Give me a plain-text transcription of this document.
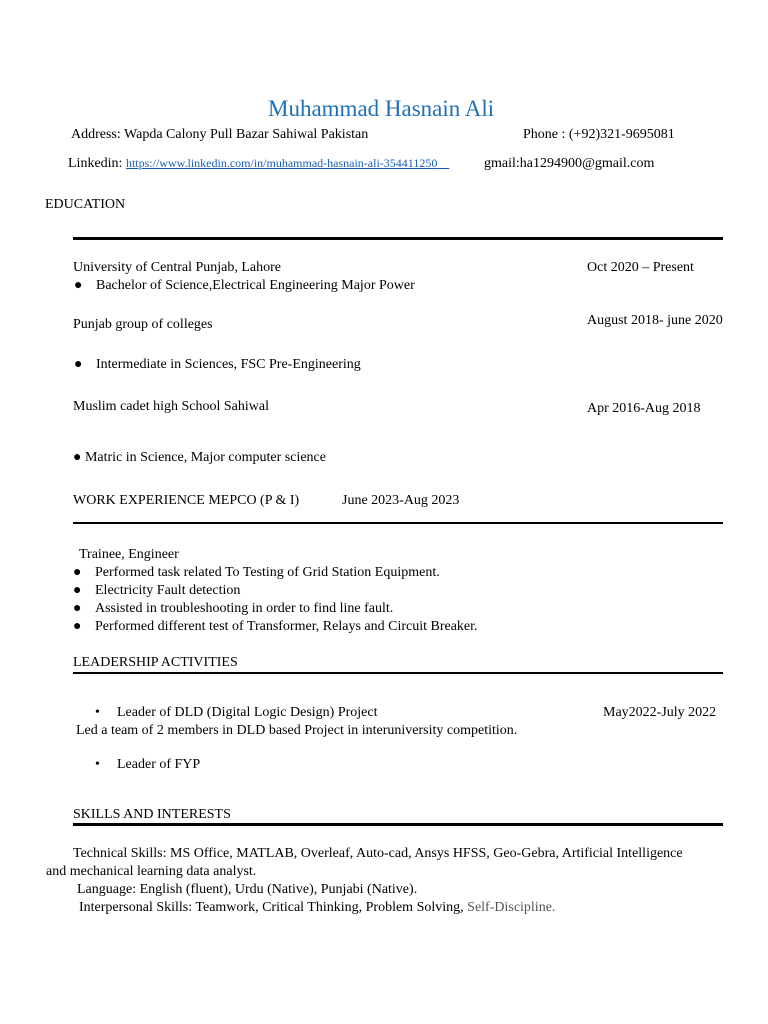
Muhammad Hasnain Ali
Address: Wapda Calony Pull Bazar Sahiwal Pakistan	Phone : (+92)321-9695081
Linkedin: https://www.linkedin.com/in/muhammad-hasnain-ali-354411250	gmail:ha1294900@gmail.com
EDUCATION
University of Central Punjab, Lahore	Oct 2020 – Present
● Bachelor of Science,Electrical Engineering Major Power
Punjab group of colleges	August 2018- june 2020
● Intermediate in Sciences, FSC Pre-Engineering
Muslim cadet high School Sahiwal	Apr 2016-Aug 2018
● Matric in Science, Major computer science
WORK EXPERIENCE MEPCO (P & I)	June 2023-Aug 2023
Trainee, Engineer
● Performed task related To Testing of Grid Station Equipment.
● Electricity Fault detection
● Assisted in troubleshooting in order to find line fault.
● Performed different test of Transformer, Relays and Circuit Breaker.
LEADERSHIP ACTIVITIES
• Leader of DLD (Digital Logic Design) Project	May2022-July 2022
Led a team of 2 members in DLD based Project in interuniversity competition.
• Leader of FYP
SKILLS AND INTERESTS
Technical Skills: MS Office, MATLAB, Overleaf, Auto-cad, Ansys HFSS, Geo-Gebra, Artificial Intelligence
and mechanical learning data analyst.
Language: English (fluent), Urdu (Native), Punjabi (Native).
Interpersonal Skills: Teamwork, Critical Thinking, Problem Solving, Self-Discipline.
